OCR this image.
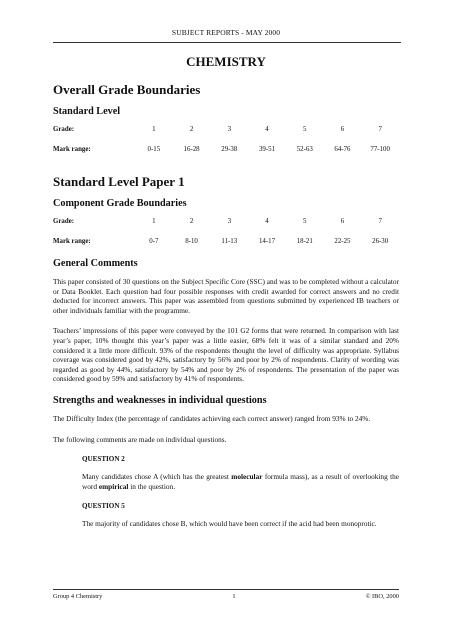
SUBJECT REPORTS - MAY 2000
CHEMISTRY
Overall Grade Boundaries
Standard Level
Grade:	1	2	3	4	5	6	7
Mark range:	0-15	16-28	29-38	39-51	52-63	64-76	77-100
Standard Level Paper 1
Component Grade Boundaries
Grade:	1	2	3	4	5	6	7
Mark range:	0-7	8-10	11-13	14-17	18-21	22-25	26-30
General Comments

This paper consisted of 30 questions on the Subject Specific Core (SSC) and was to be completed without a calculator or Data Booklet. Each question had four possible responses with credit awarded for correct answers and no credit deducted for incorrect answers. This paper was assembled from questions submitted by experienced IB teachers or other individuals familiar with the programme.

Teachers’ impressions of this paper were conveyed by the 101 G2 forms that were returned. In comparison with last year’s paper, 10% thought this year’s paper was a little easier, 68% felt it was of a similar standard and 20% considered it a little more difficult. 93% of the respondents thought the level of difficulty was appropriate. Syllabus coverage was considered good by 42%, satisfactory by 56% and poor by 2% of respondents. Clarity of wording was regarded as good by 44%, satisfactory by 54% and poor by 2% of respondents. The presentation of the paper was considered good by 59% and satisfactory by 41% of respondents.

Strengths and weaknesses in individual questions

The Difficulty Index (the percentage of candidates achieving each correct answer) ranged from 93% to 24%.

The following comments are made on individual questions.

QUESTION 2

Many candidates chose A (which has the greatest molecular formula mass), as a result of overlooking the word empirical in the question.

QUESTION 5

The majority of candidates chose B, which would have been correct if the acid had been monoprotic.

Group 4 Chemistry	1	© IBO, 2000
